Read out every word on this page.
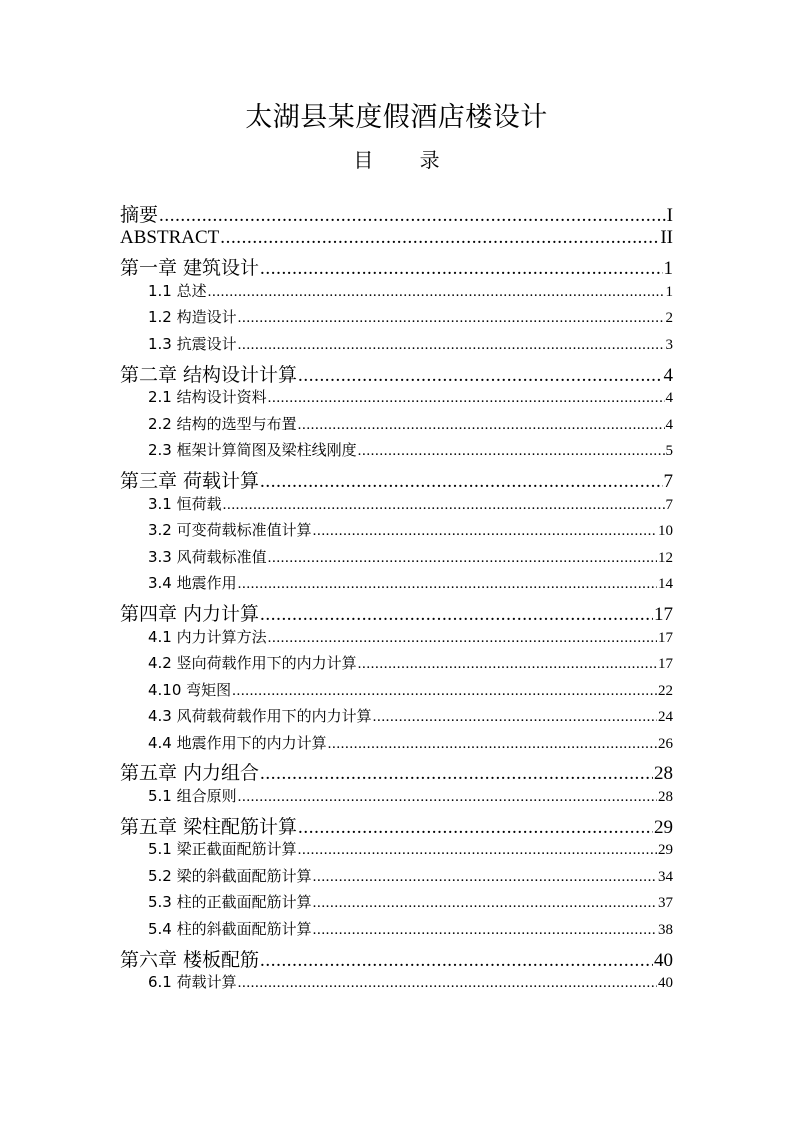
太湖县某度假酒店楼设计
目 录
摘要 .....	I
ABSTRACT .....	II
第一章 建筑设计 .....	1
1.1 总述 .....	1
1.2 构造设计 .....	2
1.3 抗震设计 .....	3
第二章 结构设计计算 .....	4
2.1 结构设计资料 .....	4
2.2 结构的选型与布置 .....	4
2.3 框架计算简图及梁柱线刚度 .....	5
第三章 荷载计算 .....	7
3.1 恒荷载 .....	7
3.2 可变荷载标准值计算 .....	10
3.3 风荷载标准值 .....	12
3.4 地震作用 .....	14
第四章 内力计算 .....	17
4.1 内力计算方法 .....	17
4.2 竖向荷载作用下的内力计算 .....	17
4.10 弯矩图 .....	22
4.3 风荷载荷载作用下的内力计算 .....	24
4.4 地震作用下的内力计算 .....	26
第五章 内力组合 .....	28
5.1 组合原则 .....	28
第五章 梁柱配筋计算 .....	29
5.1 梁正截面配筋计算 .....	29
5.2 梁的斜截面配筋计算 .....	34
5.3 柱的正截面配筋计算 .....	37
5.4 柱的斜截面配筋计算 .....	38
第六章 楼板配筋 .....	40
6.1 荷载计算 .....	40
